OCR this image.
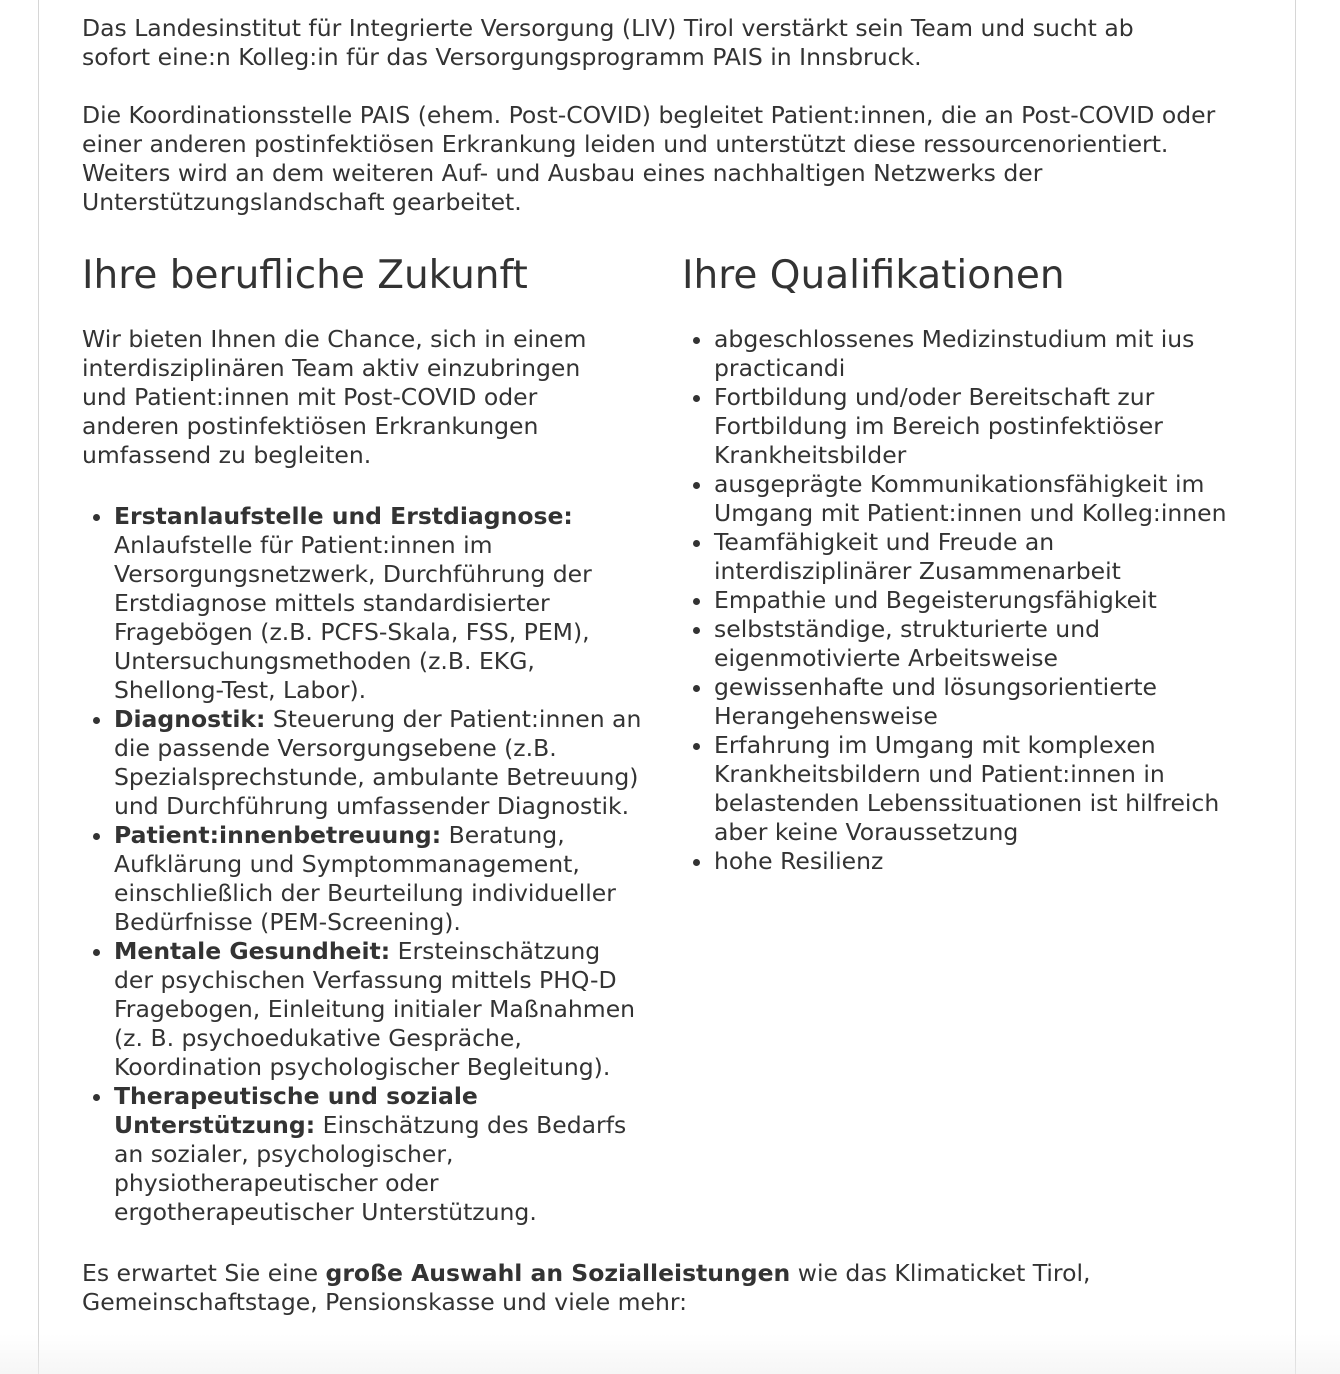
Das Landesinstitut für Integrierte Versorgung (LIV) Tirol verstärkt sein Team und sucht ab sofort eine:n Kolleg:in für das Versorgungsprogramm PAIS in Innsbruck.

Die Koordinationsstelle PAIS (ehem. Post-COVID) begleitet Patient:innen, die an Post-COVID oder einer anderen postinfektiösen Erkrankung leiden und unterstützt diese ressourcenorientiert. Weiters wird an dem weiteren Auf- und Ausbau eines nachhaltigen Netzwerks der Unterstützungslandschaft gearbeitet.

Ihre berufliche Zukunft

Wir bieten Ihnen die Chance, sich in einem interdisziplinären Team aktiv einzubringen und Patient:innen mit Post-COVID oder anderen postinfektiösen Erkrankungen umfassend zu begleiten.

• Erstanlaufstelle und Erstdiagnose: Anlaufstelle für Patient:innen im Versorgungsnetzwerk, Durchführung der Erstdiagnose mittels standardisierter Fragebögen (z.B. PCFS-Skala, FSS, PEM), Untersuchungsmethoden (z.B. EKG, Shellong-Test, Labor).
• Diagnostik: Steuerung der Patient:innen an die passende Versorgungsebene (z.B. Spezialsprechstunde, ambulante Betreuung) und Durchführung umfassender Diagnostik.
• Patient:innenbetreuung: Beratung, Aufklärung und Symptommanagement, einschließlich der Beurteilung individueller Bedürfnisse (PEM-Screening).
• Mentale Gesundheit: Ersteinschätzung der psychischen Verfassung mittels PHQ-D Fragebogen, Einleitung initialer Maßnahmen (z. B. psychoedukative Gespräche, Koordination psychologischer Begleitung).
• Therapeutische und soziale Unterstützung: Einschätzung des Bedarfs an sozialer, psychologischer, physiotherapeutischer oder ergotherapeutischer Unterstützung.
Ihre Qualifikationen
• abgeschlossenes Medizinstudium mit ius practicandi
• Fortbildung und/oder Bereitschaft zur Fortbildung im Bereich postinfektiöser Krankheitsbilder
• ausgeprägte Kommunikationsfähigkeit im Umgang mit Patient:innen und Kolleg:innen
• Teamfähigkeit und Freude an interdisziplinärer Zusammenarbeit
• Empathie und Begeisterungsfähigkeit
• selbstständige, strukturierte und eigenmotivierte Arbeitsweise
• gewissenhafte und lösungsorientierte Herangehensweise
• Erfahrung im Umgang mit komplexen Krankheitsbildern und Patient:innen in belastenden Lebenssituationen ist hilfreich aber keine Voraussetzung
• hohe Resilienz

Es erwartet Sie eine große Auswahl an Sozialleistungen wie das Klimaticket Tirol, Gemeinschaftstage, Pensionskasse und viele mehr:
